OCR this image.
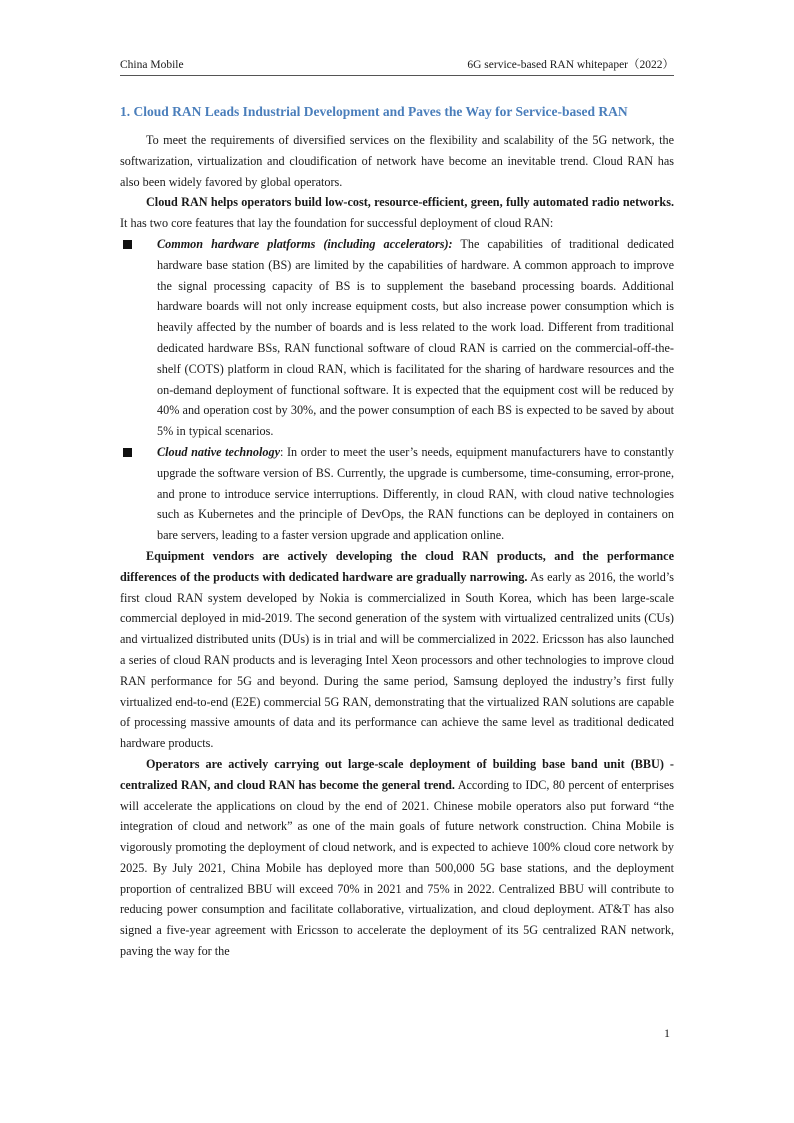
China Mobile	6G service-based RAN whitepaper（2022）
1. Cloud RAN Leads Industrial Development and Paves the Way for Service-based RAN

To meet the requirements of diversified services on the flexibility and scalability of the 5G network, the softwarization, virtualization and cloudification of network have become an inevitable trend. Cloud RAN has also been widely favored by global operators.

Cloud RAN helps operators build low-cost, resource-efficient, green, fully automated radio networks. It has two core features that lay the foundation for successful deployment of cloud RAN:

Common hardware platforms (including accelerators): The capabilities of traditional dedicated hardware base station (BS) are limited by the capabilities of hardware. A common approach to improve the signal processing capacity of BS is to supplement the baseband processing boards. Additional hardware boards will not only increase equipment costs, but also increase power consumption which is heavily affected by the number of boards and is less related to the work load. Different from traditional dedicated hardware BSs, RAN functional software of cloud RAN is carried on the commercial-off-the-shelf (COTS) platform in cloud RAN, which is facilitated for the sharing of hardware resources and the on-demand deployment of functional software. It is expected that the equipment cost will be reduced by 40% and operation cost by 30%, and the power consumption of each BS is expected to be saved by about 5% in typical scenarios.
Cloud native technology: In order to meet the user’s needs, equipment manufacturers have to constantly upgrade the software version of BS. Currently, the upgrade is cumbersome, time-consuming, error-prone, and prone to introduce service interruptions. Differently, in cloud RAN, with cloud native technologies such as Kubernetes and the principle of DevOps, the RAN functions can be deployed in containers on bare servers, leading to a faster version upgrade and application online.

Equipment vendors are actively developing the cloud RAN products, and the performance differences of the products with dedicated hardware are gradually narrowing. As early as 2016, the world’s first cloud RAN system developed by Nokia is commercialized in South Korea, which has been large-scale commercial deployed in mid-2019. The second generation of the system with virtualized centralized units (CUs) and virtualized distributed units (DUs) is in trial and will be commercialized in 2022. Ericsson has also launched a series of cloud RAN products and is leveraging Intel Xeon processors and other technologies to improve cloud RAN performance for 5G and beyond. During the same period, Samsung deployed the industry’s first fully virtualized end-to-end (E2E) commercial 5G RAN, demonstrating that the virtualized RAN solutions are capable of processing massive amounts of data and its performance can achieve the same level as traditional dedicated hardware products.

Operators are actively carrying out large-scale deployment of building base band unit (BBU) -centralized RAN, and cloud RAN has become the general trend. According to IDC, 80 percent of enterprises will accelerate the applications on cloud by the end of 2021. Chinese mobile operators also put forward “the integration of cloud and network” as one of the main goals of future network construction. China Mobile is vigorously promoting the deployment of cloud network, and is expected to achieve 100% cloud core network by 2025. By July 2021, China Mobile has deployed more than 500,000 5G base stations, and the deployment proportion of centralized BBU will exceed 70% in 2021 and 75% in 2022. Centralized BBU will contribute to reducing power consumption and facilitate collaborative, virtualization, and cloud deployment. AT&T has also signed a five-year agreement with Ericsson to accelerate the deployment of its 5G centralized RAN network, paving the way for the

1
